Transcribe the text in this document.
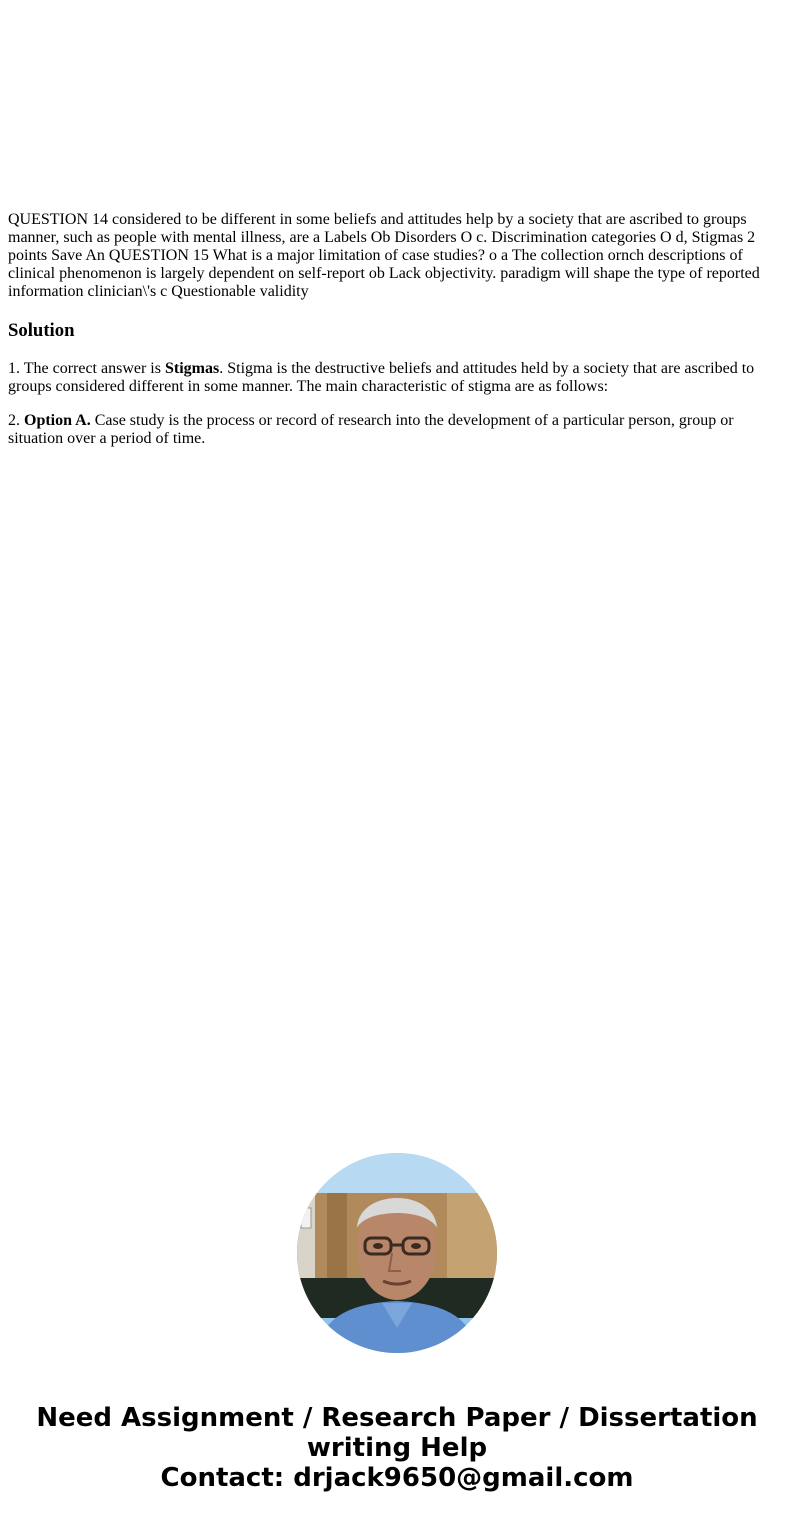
QUESTION 14 considered to be different in some beliefs and attitudes help by a society that are ascribed to groups manner, such as people with mental illness, are a Labels Ob Disorders O c. Discrimination categories O d, Stigmas 2 points Save An QUESTION 15 What is a major limitation of case studies? o a The collection ornch descriptions of clinical phenomenon is largely dependent on self-report ob Lack objectivity. paradigm will shape the type of reported information clinician\'s c Questionable validity

Solution

1. The correct answer is Stigmas. Stigma is the destructive beliefs and attitudes held by a society that are ascribed to groups considered different in some manner. The main characteristic of stigma are as follows:

2. Option A. Case study is the process or record of research into the development of a particular person, group or situation over a period of time.

Need Assignment / Research Paper / Dissertation writing Help
Contact: drjack9650@gmail.com
